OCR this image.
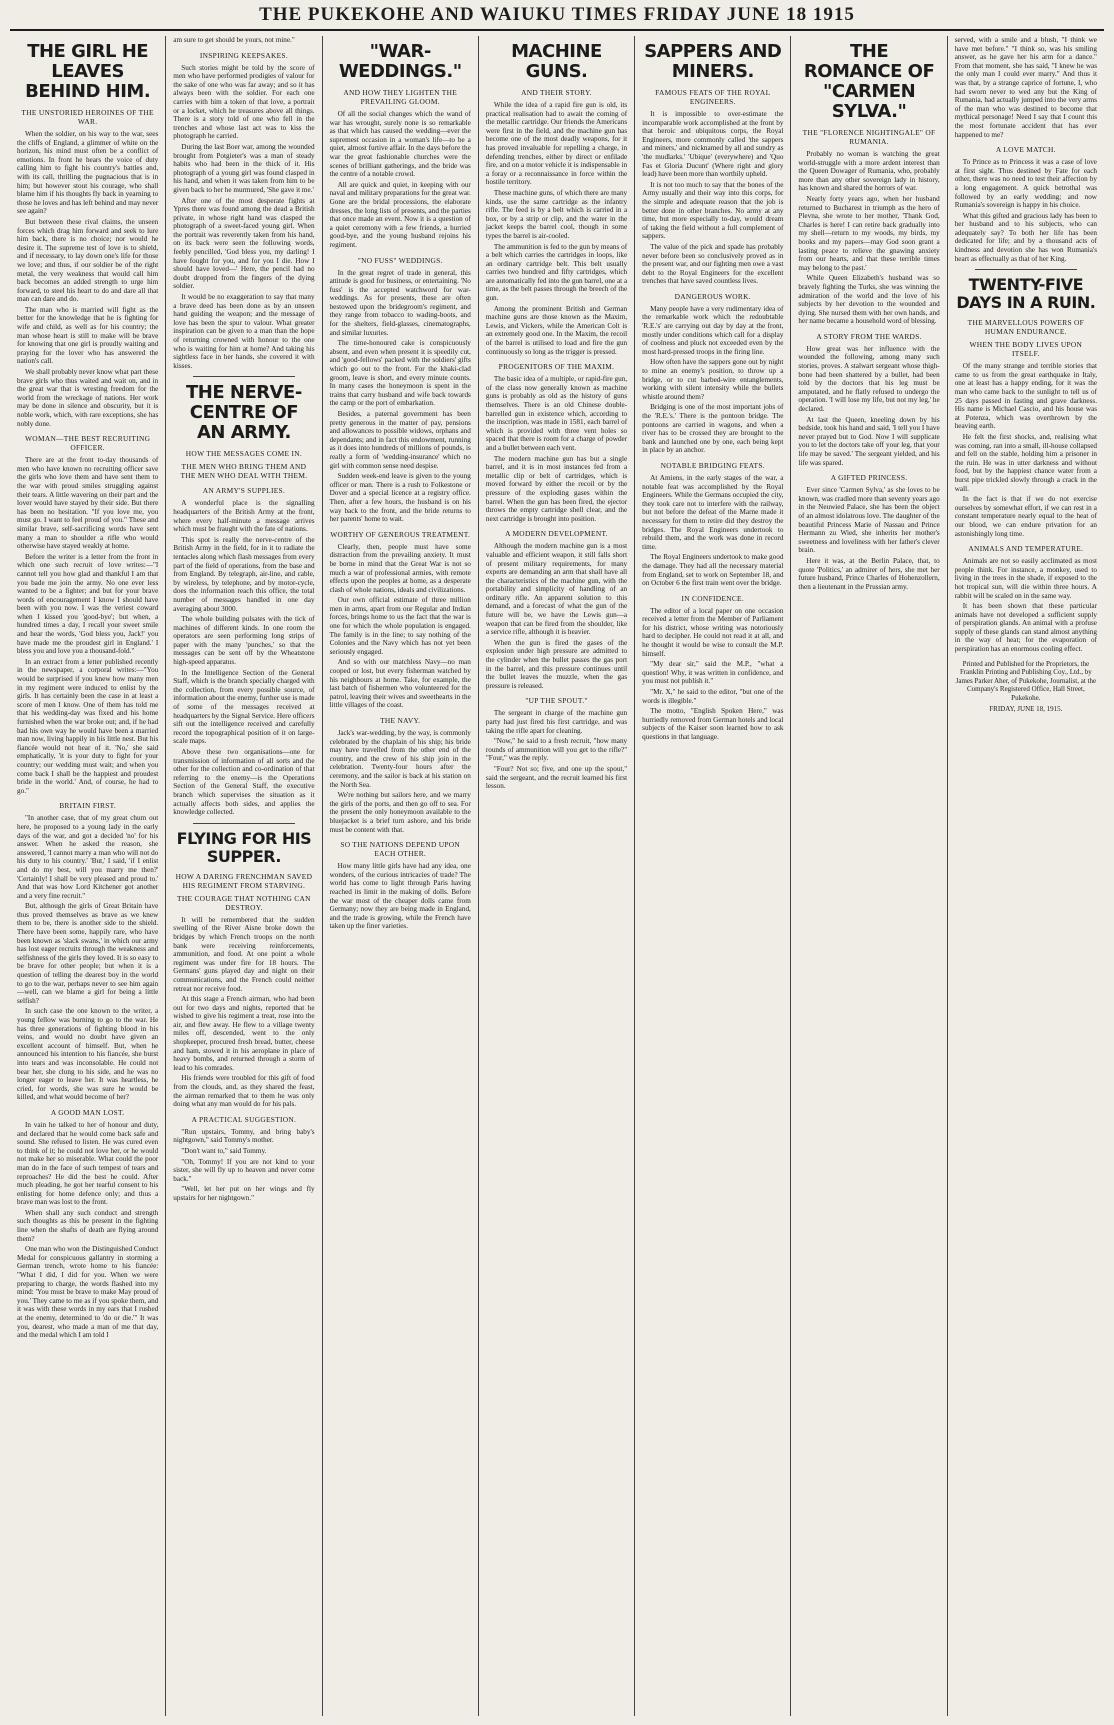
THE PUKEKOHE AND WAIUKU TIMES FRIDAY JUNE 18 1915
THE GIRL HE LEAVES BEHIND HIM.
THE UNSTORIED HEROINES OF THE WAR.

When the soldier, on his way to the war, sees the cliffs of England, a glimmer of white on the horizon, his mind must often be a conflict of emotions. In front he hears the voice of duty calling him to fight his country's battles and, with its call, thrilling the pugnacious that is in him; but however stout his courage, who shall blame him if his thoughts fly back in yearning to those he loves and has left behind and may never see again?

But between these rival claims, the unseen forces which drag him forward and seek to lure him back, there is no choice; nor would he desire it. The supreme test of love is to shield, and if necessary, to lay down one's life for those we love; and thus, if our soldier be of the right metal, the very weakness that would call him back becomes an added strength to urge him forward, to steel his heart to do and dare all that man can dare and do.

The man who is married will fight as the better for the knowledge that he is fighting for wife and child, as well as for his country; the man whose heart is still to make will be brave for knowing that one girl is proudly waiting and praying for the lover who has answered the nation's call.

We shall probably never know what part these brave girls who thus waited and wait on, and in the great war that is wresting freedom for the world from the wreckage of nations. Her work may be done in silence and obscurity, but it is noble work, which, with rare exceptions, she has nobly done.

WOMAN—THE BEST RECRUITING OFFICER.

There are at the front to-day thousands of men who have known no recruiting officer save the girls who love them and have sent them to the war with proud smiles struggling against their tears. A little wavering on their part and the lover would have stayed by their side. But there has been no hesitation. "If you love me, you must go. I want to feel proud of you." These and similar brave, self-sacrificing words have sent many a man to shoulder a rifle who would otherwise have stayed weakly at home.

Before the writer is a letter from the front in which one such recruit of love writes:—"I cannot tell you how glad and thankful I am that you bade me join the army. No one ever less wanted to be a fighter; and but for your brave words of encouragement I know I should have been with you now. I was the veriest coward when I kissed you 'good-bye'; but when, a hundred times a day, I recall your sweet smile and hear the words, 'God bless you, Jack!' you have made me the proudest girl in England.' I bless you and love you a thousand-fold."

In an extract from a letter published recently in the newspaper, a corporal writes:—"You would be surprised if you knew how many men in my regiment were induced to enlist by the girls. It has certainly been the case in at least a score of men I know. One of them has told me that his wedding-day was fixed and his home furnished when the war broke out; and, if he had had his own way he would have been a married man now, living happily in his little nest. But his fiancée would not hear of it. 'No,' she said emphatically, 'it is your duty to fight for your country; our wedding must wait; and when you come back I shall be the happiest and proudest bride in the world.' And, of course, he had to go."

BRITAIN FIRST.

"In another case, that of my great chum out here, he proposed to a young lady in the early days of the war, and got a decided 'no' for his answer. When he asked the reason, she answered, 'I cannot marry a man who will not do his duty to his country.' 'But,' I said, 'if I enlist and do my best, will you marry me then?' 'Certainly! I shall be very pleased and proud to.' And that was how Lord Kitchener got another and a very fine recruit."

But, although the girls of Great Britain have thus proved themselves as brave as we knew them to be, there is another side to the shield. There have been some, happily rare, who have been known as 'slack swans,' in which our army has lost eager recruits through the weakness and selfishness of the girls they loved. It is so easy to be brave for other people; but when it is a question of telling the dearest boy in the world to go to the war, perhaps never to see him again—well, can we blame a girl for being a little selfish?

In such case the one known to the writer, a young fellow was burning to go to the war. He has three generations of fighting blood in his veins, and would no doubt have given an excellent account of himself. But, when he announced his intention to his fiancée, she burst into tears and was inconsolable. He could not bear her, she clung to his side, and he was no longer eager to leave her. It was heartless, he cried, for words, she was sure he would be killed, and what would become of her?

A GOOD MAN LOST.

In vain he talked to her of honour and duty, and declared that he would come back safe and sound. She refused to listen. He was cured even to think of it; he could not love her, or he would not make her so miserable. What could the poor man do in the face of such tempest of tears and reproaches? He did the best he could. After much pleading, he got her tearful consent to his enlisting for home defence only; and thus a brave man was lost to the front.

When shall any such conduct and strength such thoughts as this be present in the fighting line when the shafts of death are flying around them?

One man who won the Distinguished Conduct Medal for conspicuous gallantry in storming a German trench, wrote home to his fiancée: "What I did, I did for you. When we were preparing to charge, the words flashed into my mind: 'You must be brave to make May proud of you.' They came to me as if you spoke them, and it was with these words in my ears that I rushed at the enemy, determined to 'do or die.'" It was you, dearest, who made a man of me that day, and the medal which I am told I

am sure to get should be yours, not mine."

INSPIRING KEEPSAKES.

Such stories might be told by the score of men who have performed prodigies of valour for the sake of one who was far away; and so it has always been with the soldier. For each one carries with him a token of that love, a portrait or a locket, which he treasures above all things. There is a story told of one who fell in the trenches and whose last act was to kiss the photograph he carried.

During the last Boer war, among the wounded brought from Potgieter's was a man of steady habits who had been in the thick of it. His photograph of a young girl was found clasped in his hand, and when it was taken from him to be given back to her he murmured, 'She gave it me.'

After one of the most desperate fights at Ypres there was found among the dead a British private, in whose right hand was clasped the photograph of a sweet-faced young girl. When the portrait was reverently taken from his hand, on its back were seen the following words, feebly pencilled, 'God bless you, my darling! I have fought for you, and for you I die. How I should have loved—' Here, the pencil had no doubt dropped from the fingers of the dying soldier.

It would be no exaggeration to say that many a brave deed has been done as by an unseen hand guiding the weapon; and the message of love has been the spur to valour. What greater inspiration can be given to a man than the hope of returning crowned with honour to the one who is waiting for him at home? And taking his sightless face in her hands, she covered it with kisses.

THE NERVE-CENTRE OF AN ARMY.
HOW THE MESSAGES COME IN.
THE MEN WHO BRING THEM AND THE MEN WHO DEAL WITH THEM.
AN ARMY'S SUPPLIES.

A wonderful place is the signalling headquarters of the British Army at the front, where every half-minute a message arrives which must be fraught with the fate of nations.

This spot is really the nerve-centre of the British Army in the field, for in it to radiate the tentacles along which flash messages from every part of the field of operations, from the base and from England. By telegraph, air-line, and cable, by wireless, by telephone, and by motor-cycle, does the information reach this office, the total number of messages handled in one day averaging about 3000.

The whole building pulsates with the tick of machines of different kinds. In one room the operators are seen performing long strips of paper with the many 'punches,' so that the messages can be sent off by the Wheatstone high-speed apparatus.

In the Intelligence Section of the General Staff, which is the branch specially charged with the collection, from every possible source, of information about the enemy, further use is made of some of the messages received at headquarters by the Signal Service. Here officers sift out the intelligence received and carefully record the topographical position of it on large-scale maps.

Above these two organisations—one for transmission of information of all sorts and the other for the collection and co-ordination of that referring to the enemy—is the Operations Section of the General Staff, the executive branch which supervises the situation as it actually affects both sides, and applies the knowledge collected.

FLYING FOR HIS SUPPER.
HOW A DARING FRENCHMAN SAVED HIS REGIMENT FROM STARVING.
THE COURAGE THAT NOTHING CAN DESTROY.

It will be remembered that the sudden swelling of the River Aisne broke down the bridges by which French troops on the north bank were receiving reinforcements, ammunition, and food. At one point a whole regiment was under fire for 18 hours. The Germans' guns played day and night on their communications, and the French could neither retreat nor receive food.

At this stage a French airman, who had been out for two days and nights, reported that he wished to give his regiment a treat, rose into the air, and flew away. He flew to a village twenty miles off, descended, went to the only shopkeeper, procured fresh bread, butter, cheese and ham, stowed it in his aeroplane in place of heavy bombs, and returned through a storm of lead to his comrades.

His friends were troubled for this gift of food from the clouds, and, as they shared the feast, the airman remarked that to them he was only doing what any man would do for his pals.

A PRACTICAL SUGGESTION.

"Run upstairs, Tommy, and bring baby's nightgown," said Tommy's mother.

"Don't want to," said Tommy.

"Oh, Tommy! If you are not kind to your sister, she will fly up to heaven and never come back."

"Well, let her put on her wings and fly upstairs for her nightgown."

"WAR-WEDDINGS."
AND HOW THEY LIGHTEN THE PREVAILING GLOOM.

Of all the social changes which the wand of war has wrought, surely none is so remarkable as that which has caused the wedding—ever the supremest occasion in a woman's life—to be a quiet, almost furtive affair. In the days before the war the great fashionable churches were the scenes of brilliant gatherings, and the bride was the centre of a notable crowd.

All are quick and quiet, in keeping with our naval and military preparations for the great war. Gone are the bridal processions, the elaborate dresses, the long lists of presents, and the parties that once made an event. Now it is a question of a quiet ceremony with a few friends, a hurried good-bye, and the young husband rejoins his regiment.

"NO FUSS" WEDDINGS.

In the great regret of trade in general, this attitude is good for business, or entertaining. 'No fuss' is the accepted watchword for war-weddings. As for presents, these are often bestowed upon the bridegroom's regiment, and they range from tobacco to wading-boots, and for the shelters, field-glasses, cinematographs, and similar luxuries.

The time-honoured cake is conspicuously absent, and even when present it is speedily cut, and 'good-fellows' packed with the soldiers' gifts which go out to the front. For the khaki-clad groom, leave is short, and every minute counts. In many cases the honeymoon is spent in the trains that carry husband and wife back towards the camp or the port of embarkation.

Besides, a paternal government has been pretty generous in the matter of pay, pensions and allowances to possible widows, orphans and dependants; and in fact this endowment, running as it does into hundreds of millions of pounds, is really a form of 'wedding-insurance' which no girl with common sense need despise.

Sudden week-end leave is given to the young officer or man. There is a rush to Folkestone or Dover and a special licence at a registry office. Then, after a few hours, the husband is on his way back to the front, and the bride returns to her parents' home to wait.

WORTHY OF GENEROUS TREATMENT.

Clearly, then, people must have some distraction from the prevailing anxiety. It must be borne in mind that the Great War is not so much a war of professional armies, with remote effects upon the peoples at home, as a desperate clash of whole nations, ideals and civilizations.

Our own official estimate of three million men in arms, apart from our Regular and Indian forces, brings home to us the fact that the war is one for which the whole population is engaged. The family is in the line; to say nothing of the Colonies and the Navy which has not yet been seriously engaged.

And so with our matchless Navy—no man cooped or lost, but every fisherman watched by his neighbours at home. Take, for example, the last batch of fishermen who volunteered for the patrol, leaving their wives and sweethearts in the little villages of the coast.

THE NAVY.

Jack's war-wedding, by the way, is commonly celebrated by the chaplain of his ship; his bride may have travelled from the other end of the country, and the crew of his ship join in the celebration. Twenty-four hours after the ceremony, and the sailor is back at his station on the North Sea.

We're nothing but sailors here, and we marry the girls of the ports, and then go off to sea. For the present the only honeymoon available to the bluejacket is a brief turn ashore, and his bride must be content with that.

SO THE NATIONS DEPEND UPON EACH OTHER.

How many little girls have had any idea, one wonders, of the curious intricacies of trade? The world has come to light through Paris having reached its limit in the making of dolls. Before the war most of the cheaper dolls came from Germany; now they are being made in England, and the trade is growing, while the French have taken up the finer varieties.

MACHINE GUNS.
AND THEIR STORY.

While the idea of a rapid fire gun is old, its practical realisation had to await the coming of the metallic cartridge. Our friends the Americans were first in the field, and the machine gun has become one of the most deadly weapons, for it has proved invaluable for repelling a charge, in defending trenches, either by direct or enfilade fire, and on a motor vehicle it is indispensable in a foray or a reconnaissance in force within the hostile territory.

These machine guns, of which there are many kinds, use the same cartridge as the infantry rifle. The feed is by a belt which is carried in a box, or by a strip or clip, and the water in the jacket keeps the barrel cool, though in some types the barrel is air-cooled.

The ammunition is fed to the gun by means of a belt which carries the cartridges in loops, like an ordinary cartridge belt. This belt usually carries two hundred and fifty cartridges, which are automatically fed into the gun barrel, one at a time, as the belt passes through the breech of the gun.

Among the prominent British and German machine guns are those known as the Maxim, Lewis, and Vickers, while the American Colt is an extremely good one. In the Maxim, the recoil of the barrel is utilised to load and fire the gun continuously so long as the trigger is pressed.

PROGENITORS OF THE MAXIM.

The basic idea of a multiple, or rapid-fire gun, of the class now generally known as machine guns is probably as old as the history of guns themselves. There is an old Chinese double-barrelled gun in existence which, according to the inscription, was made in 1581, each barrel of which is provided with three vent holes so spaced that there is room for a charge of powder and a bullet between each vent.

The modern machine gun has but a single barrel, and it is in most instances fed from a metallic clip or belt of cartridges, which is moved forward by either the recoil or by the pressure of the exploding gases within the barrel. When the gun has been fired, the ejector throws the empty cartridge shell clear, and the next cartridge is brought into position.

A MODERN DEVELOPMENT.

Although the modern machine gun is a most valuable and efficient weapon, it still falls short of present military requirements, for many experts are demanding an arm that shall have all the characteristics of the machine gun, with the portability and simplicity of handling of an ordinary rifle. An apparent solution to this demand, and a forecast of what the gun of the future will be, we have the Lewis gun—a weapon that can be fired from the shoulder, like a service rifle, although it is heavier.

When the gun is fired the gases of the explosion under high pressure are admitted to the cylinder when the bullet passes the gas port in the barrel, and this pressure continues until the bullet leaves the muzzle, when the gas pressure is released.

"UP THE SPOUT."

The sergeant in charge of the machine gun party had just fired his first cartridge, and was taking the rifle apart for cleaning.

"Now," he said to a fresh recruit, "how many rounds of ammunition will you get to the rifle?" "Four," was the reply.

"Four? Not so; five, and one up the spout," said the sergeant, and the recruit learned his first lesson.

SAPPERS AND MINERS.
FAMOUS FEATS OF THE ROYAL ENGINEERS.

It is impossible to over-estimate the incomparable work accomplished at the front by that heroic and ubiquitous corps, the Royal Engineers, more commonly called 'the sappers and miners,' and nicknamed by all and sundry as 'the mudlarks.' 'Ubique' (everywhere) and 'Quo Fas et Gloria Ducunt' (Where right and glory lead) have been more than worthily upheld.

It is not too much to say that the bones of the Army usually and their way into this corps, for the simple and adequate reason that the job is better done in other branches. No army at any time, but more especially to-day, would dream of taking the field without a full complement of sappers.

The value of the pick and spade has probably never before been so conclusively proved as in the present war, and our fighting men owe a vast debt to the Royal Engineers for the excellent trenches that have saved countless lives.

DANGEROUS WORK.

Many people have a very rudimentary idea of the remarkable work which the redoubtable 'R.E.'s' are carrying out day by day at the front, mostly under conditions which call for a display of coolness and pluck not exceeded even by the most hard-pressed troops in the firing line.

How often have the sappers gone out by night to mine an enemy's position, to throw up a bridge, or to cut barbed-wire entanglements, working with silent intensity while the bullets whistle around them?

Bridging is one of the most important jobs of the 'R.E.'s.' There is the pontoon bridge. The pontoons are carried in wagons, and when a river has to be crossed they are brought to the bank and launched one by one, each being kept in place by an anchor.

NOTABLE BRIDGING FEATS.

At Amiens, in the early stages of the war, a notable feat was accomplished by the Royal Engineers. While the Germans occupied the city, they took care not to interfere with the railway, but not before the defeat of the Marne made it necessary for them to retire did they destroy the bridges. The Royal Engineers undertook to rebuild them, and the work was done in record time.

The Royal Engineers undertook to make good the damage. They had all the necessary material from England, set to work on September 18, and on October 6 the first train went over the bridge.

IN CONFIDENCE.

The editor of a local paper on one occasion received a letter from the Member of Parliament for his district, whose writing was notoriously hard to decipher. He could not read it at all, and he thought it would be wise to consult the M.P. himself.

"My dear sir," said the M.P., "what a question! Why, it was written in confidence, and you must not publish it."

"Mr. X," he said to the editor, "but one of the words is illegible."

The motto, "English Spoken Here," was hurriedly removed from German hotels and local subjects of the Kaiser soon learned how to ask questions in that language.

THE ROMANCE OF "CARMEN SYLVA."
THE "FLORENCE NIGHTINGALE" OF RUMANIA.

Probably no woman is watching the great world-struggle with a more ardent interest than the Queen Dowager of Rumania, who, probably more than any other sovereign lady in history, has known and shared the horrors of war.

Nearly forty years ago, when her husband returned to Bucharest in triumph as the hero of Plevna, she wrote to her mother, 'Thank God, Charles is here! I can retire back gradually into my shell—return to my woods, my birds, my books and my papers—may God soon grant a lasting peace to relieve the gnawing anxiety from our hearts, and that these terrible times may belong to the past.'

While Queen Elizabeth's husband was so bravely fighting the Turks, she was winning the admiration of the world and the love of his subjects by her devotion to the wounded and dying. She nursed them with her own hands, and her name became a household word of blessing.

A STORY FROM THE WARDS.

How great was her influence with the wounded the following, among many such stories, proves. A stalwart sergeant whose thigh-bone had been shattered by a bullet, had been told by the doctors that his leg must be amputated, and he flatly refused to undergo the operation. 'I will lose my life, but not my leg,' he declared.

At last the Queen, kneeling down by his bedside, took his hand and said, 'I tell you I have never prayed but to God. Now I will supplicate you to let the doctors take off your leg, that your life may be saved.' The sergeant yielded, and his life was spared.

A GIFTED PRINCESS.

Ever since 'Carmen Sylva,' as she loves to be known, was cradled more than seventy years ago in the Neuwied Palace, she has been the object of an almost idolatrous love. The daughter of the beautiful Princess Marie of Nassau and Prince Hermann zu Wied, she inherits her mother's sweetness and loveliness with her father's clever brain.

Here it was, at the Berlin Palace, that, to quote 'Politics,' an admirer of hers, she met her future husband, Prince Charles of Hohenzollern, then a lieutenant in the Prussian army.

served, with a smile and a blush, "I think we have met before." "I think so, was his smiling answer, as he gave her his arm for a dance." From that moment, she has said, "I knew he was the only man I could ever marry." And thus it was that, by a strange caprice of fortune, I, who had sworn never to wed any but the King of Rumania, had actually jumped into the very arms of the man who was destined to become that mythical personage! Need I say that I count this the most fortunate accident that has ever happened to me?

A LOVE MATCH.

To Prince as to Princess it was a case of love at first sight. Thus destined by Fate for each other, there was no need to test their affection by a long engagement. A quick betrothal was followed by an early wedding; and now Rumania's sovereign is happy in his choice.

What this gifted and gracious lady has been to her husband and to his subjects, who can adequately say? To both her life has been dedicated for life; and by a thousand acts of kindness and devotion she has won Rumania's heart as effectually as that of her King.

TWENTY-FIVE DAYS IN A RUIN.
THE MARVELLOUS POWERS OF HUMAN ENDURANCE.
WHEN THE BODY LIVES UPON ITSELF.

Of the many strange and terrible stories that came to us from the great earthquake in Italy, one at least has a happy ending, for it was the man who came back to the sunlight to tell us of 25 days passed in fasting and grave darkness. His name is Michael Cascio, and his house was at Potenza, which was overthrown by the heaving earth.

He felt the first shocks, and, realising what was coming, ran into a small, ill-house collapsed and fell on the stable, holding him a prisoner in the ruin. He was in utter darkness and without food, but by the happiest chance water from a burst pipe trickled slowly through a crack in the wall.

In the fact is that if we do not exercise ourselves by somewhat effort, if we can rest in a constant temperature nearly equal to the heat of our blood, we can endure privation for an astonishingly long time.

ANIMALS AND TEMPERATURE.

Animals are not so easily acclimated as most people think. For instance, a monkey, used to living in the trees in the shade, if exposed to the hot tropical sun, will die within three hours. A rabbit will be scaled on in the same way.

It has been shown that these particular animals have not developed a sufficient supply of perspiration glands. An animal with a profuse supply of these glands can stand almost anything in the way of heat; for the evaporation of perspiration has an enormous cooling effect.

Printed and Published for the Proprietors, the Franklin Printing and Publishing Coy., Ltd., by James Parker Aher, of Pukekohe, Journalist, at the Company's Registered Office, Hall Street, Pukekohe.
FRIDAY, JUNE 18, 1915.
